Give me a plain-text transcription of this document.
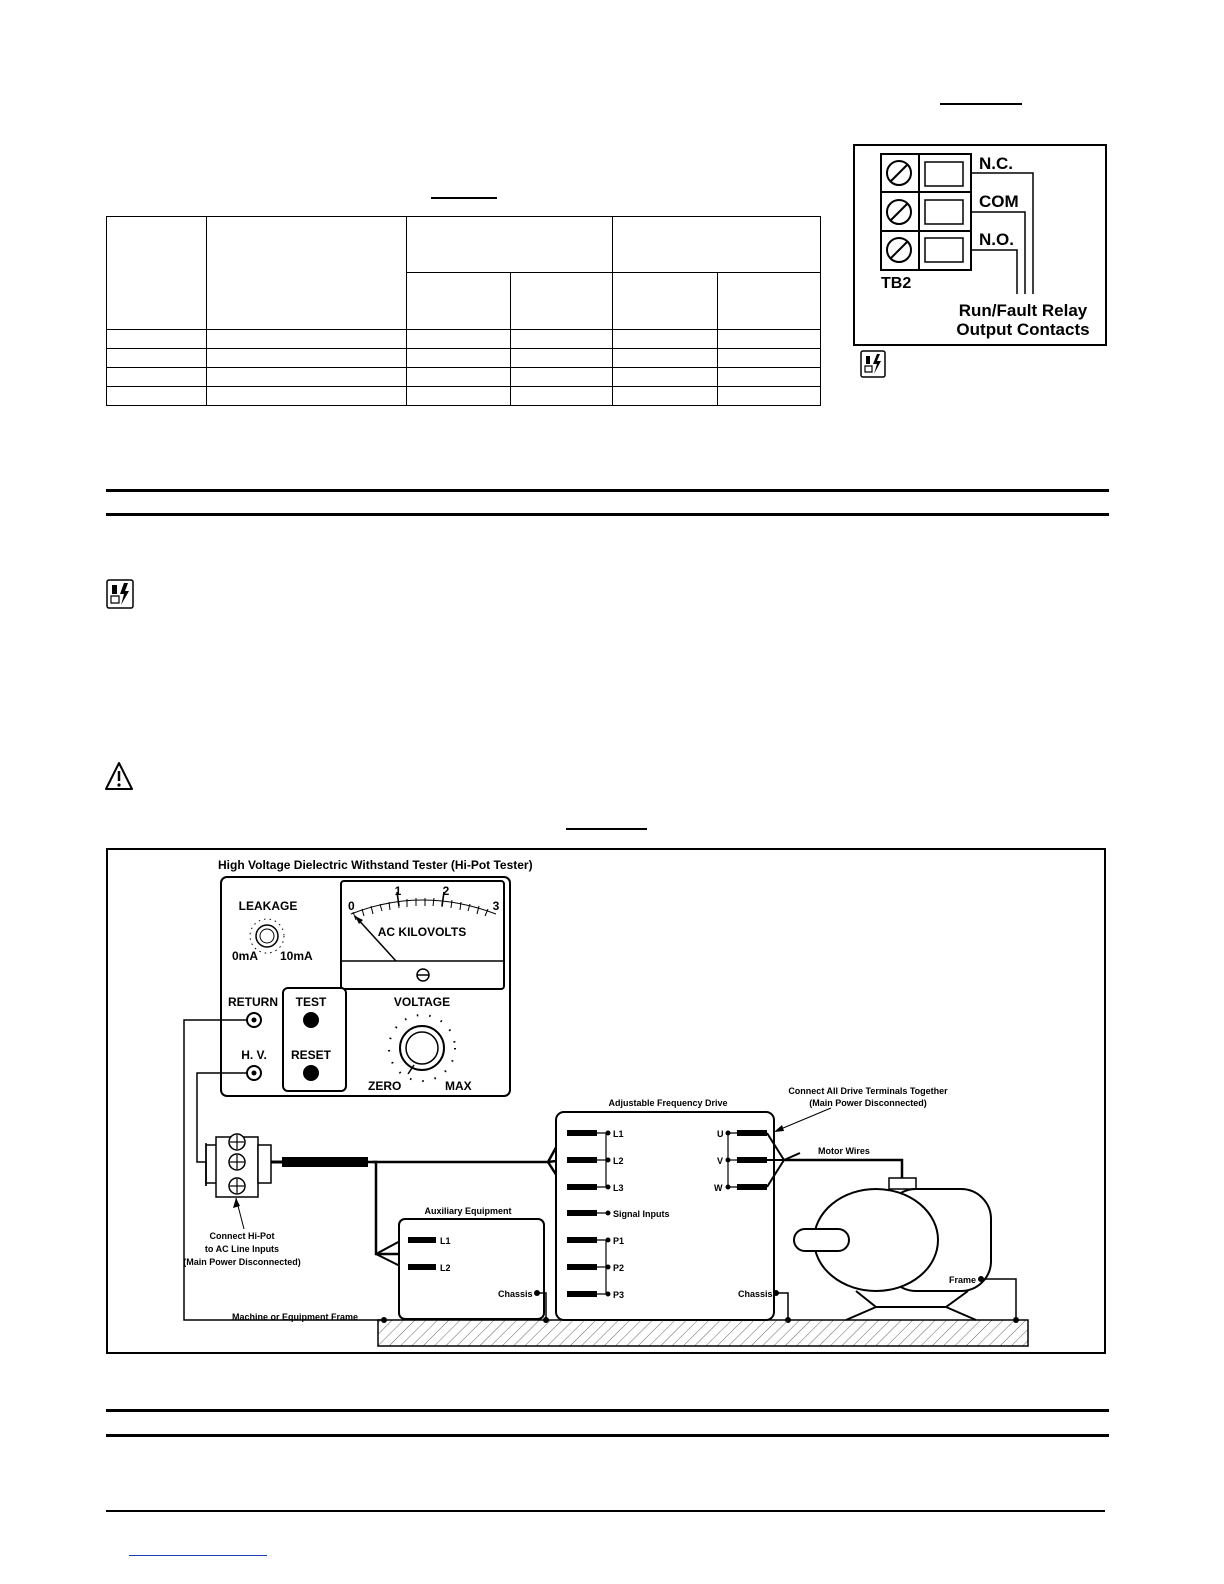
N.C.
COM
N.O.
TB2
Run/Fault Relay
Output Contacts
High Voltage Dielectric Withstand Tester (Hi-Pot Tester)
0
1	2
3
AC KILOVOLTS
LEAKAGE
0mA 10mA
RETURN
H. V.
TEST
RESET
VOLTAGE
ZERO	MAX
Connect Hi-Pot
to AC Line Inputs
(Main Power Disconnected)
Auxiliary Equipment
L1
L2
Chassis
Adjustable Frequency Drive
L1
L2
L3
Signal Inputs
P1
P2
P3
U
V
W
Chassis
Connect All Drive Terminals Together
(Main Power Disconnected)
Motor Wires
Frame
Machine or Equipment Frame
